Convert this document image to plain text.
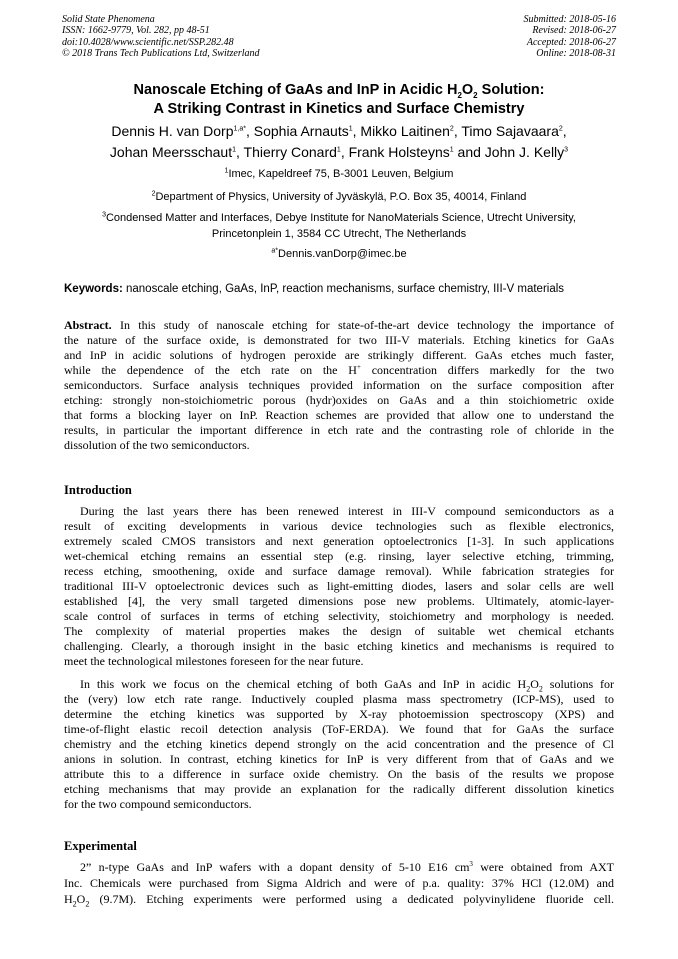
Solid State Phenomena
ISSN: 1662-9779, Vol. 282, pp 48-51
doi:10.4028/www.scientific.net/SSP.282.48
© 2018 Trans Tech Publications Ltd, Switzerland
Submitted: 2018-05-16
Revised: 2018-06-27
Accepted: 2018-06-27
Online: 2018-08-31
Nanoscale Etching of GaAs and InP in Acidic $H_2O_2$ Solution:
A Striking Contrast in Kinetics and Surface Chemistry
Dennis H. van Dorp$^{1,a*}$, Sophia Arnauts$^1$, Mikko Laitinen$^2$, Timo Sajavaara$^2$,
Johan Meersschaut$^1$, Thierry Conard$^1$, Frank Holsteyns$^1$ and John J. Kelly$^3$
$^1$Imec, Kapeldreef 75, B-3001 Leuven, Belgium
$^2$Department of Physics, University of Jyväskylä, P.O. Box 35, 40014, Finland
$^3$Condensed Matter and Interfaces, Debye Institute for NanoMaterials Science, Utrecht University,
Princetonplein 1, 3584 CC Utrecht, The Netherlands
$^{a*}$Dennis.vanDorp@imec.be
Keywords: nanoscale etching, GaAs, InP, reaction mechanisms, surface chemistry, III-V materials
Abstract. In this study of nanoscale etching for state-of-the-art device technology the importance of
the nature of the surface oxide, is demonstrated for two III-V materials. Etching kinetics for GaAs
and InP in acidic solutions of hydrogen peroxide are strikingly different. GaAs etches much faster,
while the dependence of the etch rate on the H+ concentration differs markedly for the two
semiconductors. Surface analysis techniques provided information on the surface composition after
etching: strongly non-stoichiometric porous (hydr)oxides on GaAs and a thin stoichiometric oxide
that forms a blocking layer on InP. Reaction schemes are provided that allow one to understand the
results, in particular the important difference in etch rate and the contrasting role of chloride in the
dissolution of the two semiconductors.
Introduction
During the last years there has been renewed interest in III-V compound semiconductors as a
result of exciting developments in various device technologies such as flexible electronics,
extremely scaled CMOS transistors and next generation optoelectronics [1-3]. In such applications
wet-chemical etching remains an essential step (e.g. rinsing, layer selective etching, trimming,
recess etching, smoothening, oxide and surface damage removal). While fabrication strategies for
traditional III-V optoelectronic devices such as light-emitting diodes, lasers and solar cells are well
established [4], the very small targeted dimensions pose new problems. Ultimately, atomic-layer-
scale control of surfaces in terms of etching selectivity, stoichiometry and morphology is needed.
The complexity of material properties makes the design of suitable wet chemical etchants
challenging. Clearly, a thorough insight in the basic etching kinetics and mechanisms is required to
meet the technological milestones foreseen for the near future.
In this work we focus on the chemical etching of both GaAs and InP in acidic $H_2O_2$ solutions for
the (very) low etch rate range. Inductively coupled plasma mass spectrometry (ICP-MS), used to
determine the etching kinetics was supported by X-ray photoemission spectroscopy (XPS) and
time-of-flight elastic recoil detection analysis (ToF-ERDA). We found that for GaAs the surface
chemistry and the etching kinetics depend strongly on the acid concentration and the presence of Cl
anions in solution. In contrast, etching kinetics for InP is very different from that of GaAs and we
attribute this to a difference in surface oxide chemistry. On the basis of the results we propose
etching mechanisms that may provide an explanation for the radically different dissolution kinetics
for the two compound semiconductors.
Experimental
2” n-type GaAs and InP wafers with a dopant density of 5-10 E16 $cm^3$ were obtained from AXT
Inc. Chemicals were purchased from Sigma Aldrich and were of p.a. quality: 37% HCl (12.0M) and
$H_2O_2$ (9.7M). Etching experiments were performed using a dedicated polyvinylidene fluoride cell.
